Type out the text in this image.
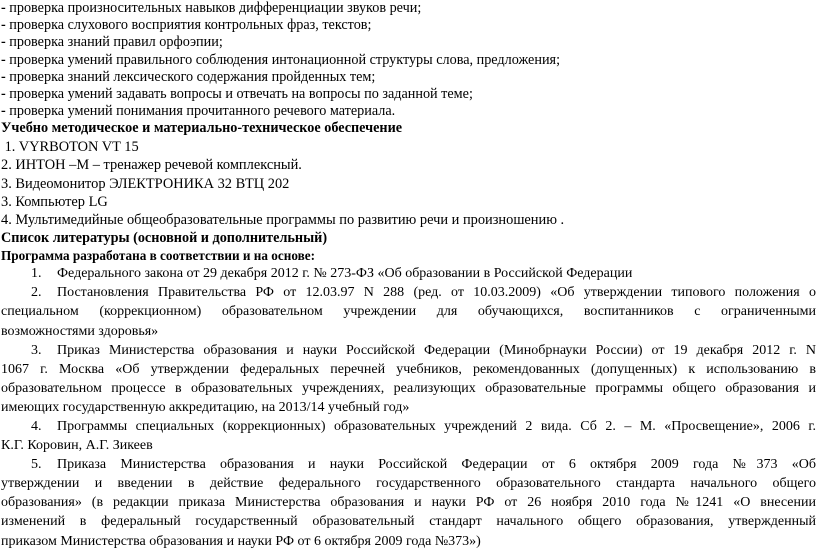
- проверка произносительных навыков дифференциации звуков речи;
- проверка слухового восприятия контрольных фраз, текстов;
- проверка знаний правил орфоэпии;
- проверка умений правильного соблюдения интонационной структуры слова, предложения;
- проверка знаний лексического содержания пройденных тем;
- проверка умений задавать вопросы и отвечать на вопросы по заданной теме;
- проверка умений понимания прочитанного речевого материала.
Учебно методическое и материально-техническое обеспечение
1. VYRBOTON VT 15
2. ИНТОН –М – тренажер речевой комплексный.
3. Видеомонитор ЭЛЕКТРОНИКА 32 ВТЦ 202
3. Компьютер LG
4. Мультимедийные общеобразовательные программы по развитию речи и произношению .
Список литературы (основной и дополнительный)
Программа разработана в соответствии и на основе:
1. Федерального закона от 29 декабря 2012 г. № 273-ФЗ «Об образовании в Российской Федерации
2. Постановления Правительства РФ от 12.03.97 N 288 (ред. от 10.03.2009) «Об утверждении типового положения о
специальном (коррекционном) образовательном учреждении для обучающихся, воспитанников с ограниченными
возможностями здоровья»
3. Приказ Министерства образования и науки Российской Федерации (Минобрнауки России) от 19 декабря 2012 г. N
1067 г. Москва «Об утверждении федеральных перечней учебников, рекомендованных (допущенных) к использованию в
образовательном процессе в образовательных учреждениях, реализующих образовательные программы общего образования и
имеющих государственную аккредитацию, на 2013/14 учебный год»
4. Программы специальных (коррекционных) образовательных учреждений 2 вида. Сб 2. – М. «Просвещение», 2006 г.
К.Г. Коровин, А.Г. Зикеев
5. Приказа Министерства образования и науки Российской Федерации от 6 октября 2009 года №373 «Об
утверждении и введении в действие федерального государственного образовательного стандарта начального общего
образования» (в редакции приказа Министерства образования и науки РФ от 26 ноября 2010 года №1241 «О внесении
изменений в федеральный государственный образовательный стандарт начального общего образования, утвержденный
приказом Министерства образования и науки РФ от 6 октября 2009 года №373»)
